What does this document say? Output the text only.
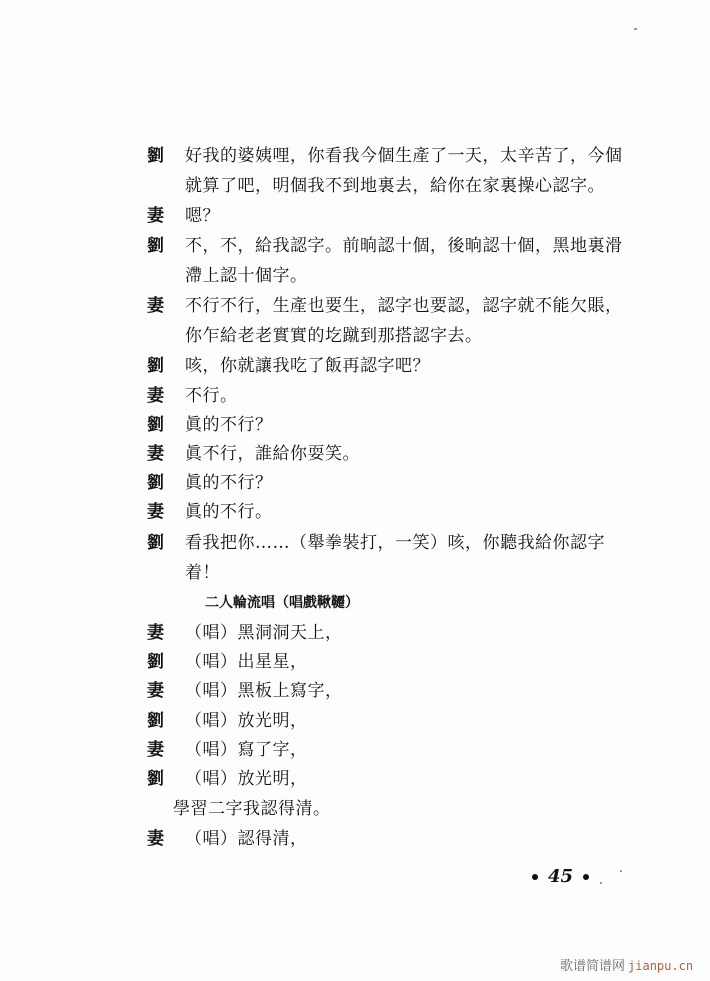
劉 好我的婆姨哩，你看我今個生產了一天，太辛苦了，今個
就算了吧，明個我不到地裏去，給你在家裏操心認字。
妻 嗯？
劉 不，不，給我認字。前晌認十個，後晌認十個，黑地裏滑
滯上認十個字。
妻 不行不行，生產也要生，認字也要認，認字就不能欠賬，
你乍給老老實實的圪蹴到那搭認字去。
劉 咳，你就讓我吃了飯再認字吧？
妻 不行。
劉 眞的不行？
妻 眞不行，誰給你耍笑。
劉 眞的不行？
妻 眞的不行。
劉 看我把你……（舉拳裝打，一笑）咳，你聽我給你認字
着！
二人輪流唱（唱戲鞦韆）
妻 （唱）黑洞洞天上，
劉 （唱）出星星，
妻 （唱）黑板上寫字，
劉 （唱）放光明，
妻 （唱）寫了字，
劉 （唱）放光明，
學習二字我認得清。
妻 （唱）認得清，
45
歌谱简谱网 jianpu.cn
